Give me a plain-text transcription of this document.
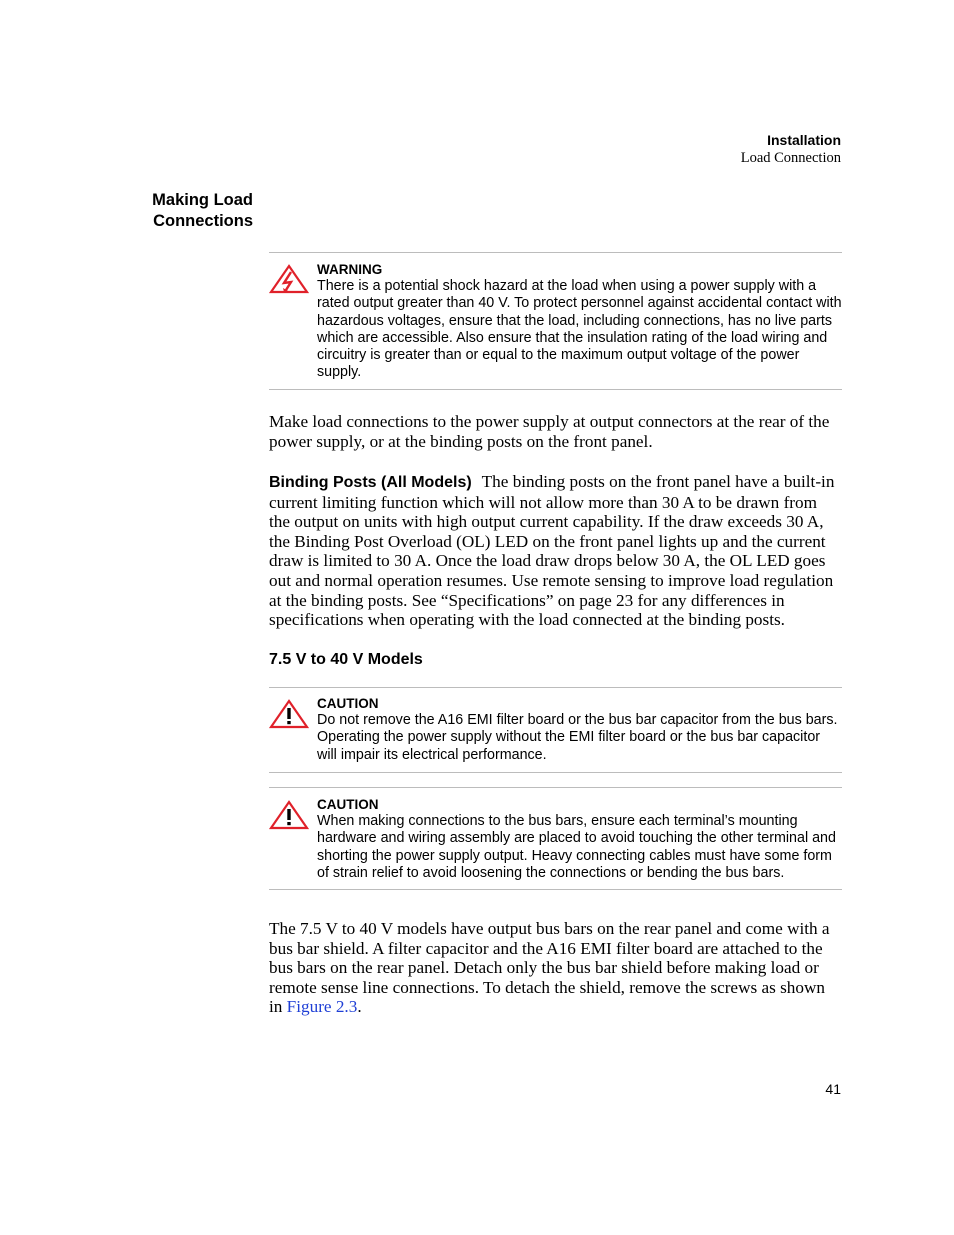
Installation
Load Connection
Making Load
Connections
WARNING
There is a potential shock hazard at the load when using a power supply with a rated output greater than 40 V. To protect personnel against accidental contact with hazardous voltages, ensure that the load, including connections, has no live parts which are accessible. Also ensure that the insulation rating of the load wiring and circuitry is greater than or equal to the maximum output voltage of the power supply.

Make load connections to the power supply at output connectors at the rear of the power supply, or at the binding posts on the front panel.

Binding Posts (All Models) The binding posts on the front panel have a built-in current limiting function which will not allow more than 30 A to be drawn from the output on units with high output current capability. If the draw exceeds 30 A, the Binding Post Overload (OL) LED on the front panel lights up and the current draw is limited to 30 A. Once the load draw drops below 30 A, the OL LED goes out and normal operation resumes. Use remote sensing to improve load regulation at the binding posts. See “Specifications” on page 23 for any differences in specifications when operating with the load connected at the binding posts.

7.5 V to 40 V Models
CAUTION
Do not remove the A16 EMI filter board or the bus bar capacitor from the bus bars. Operating the power supply without the EMI filter board or the bus bar capacitor will impair its electrical performance.
CAUTION
When making connections to the bus bars, ensure each terminal’s mounting hardware and wiring assembly are placed to avoid touching the other terminal and shorting the power supply output. Heavy connecting cables must have some form of strain relief to avoid loosening the connections or bending the bus bars.

The 7.5 V to 40 V models have output bus bars on the rear panel and come with a bus bar shield. A filter capacitor and the A16 EMI filter board are attached to the bus bars on the rear panel. Detach only the bus bar shield before making load or remote sense line connections. To detach the shield, remove the screws as shown in Figure 2.3.

41
